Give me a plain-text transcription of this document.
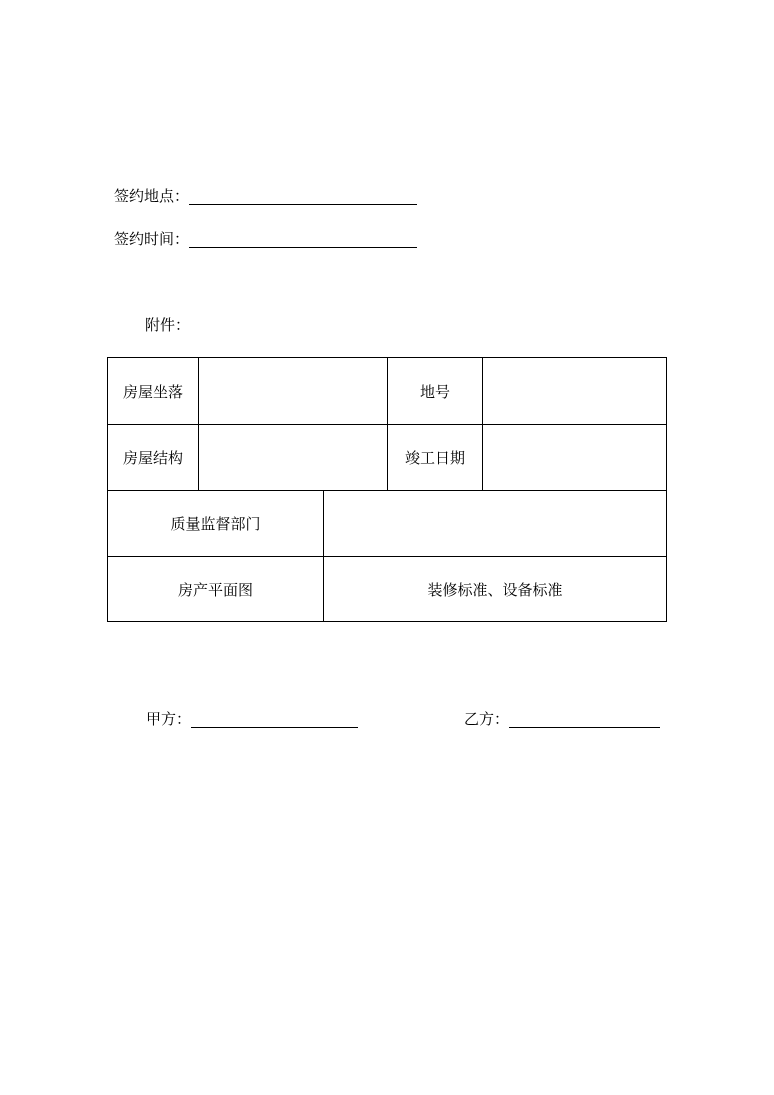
签约地点：
签约时间：
附件：
房屋坐落	地号
房屋结构	竣工日期
质量监督部门
房产平面图	装修标准、设备标准
甲方：	乙方：
